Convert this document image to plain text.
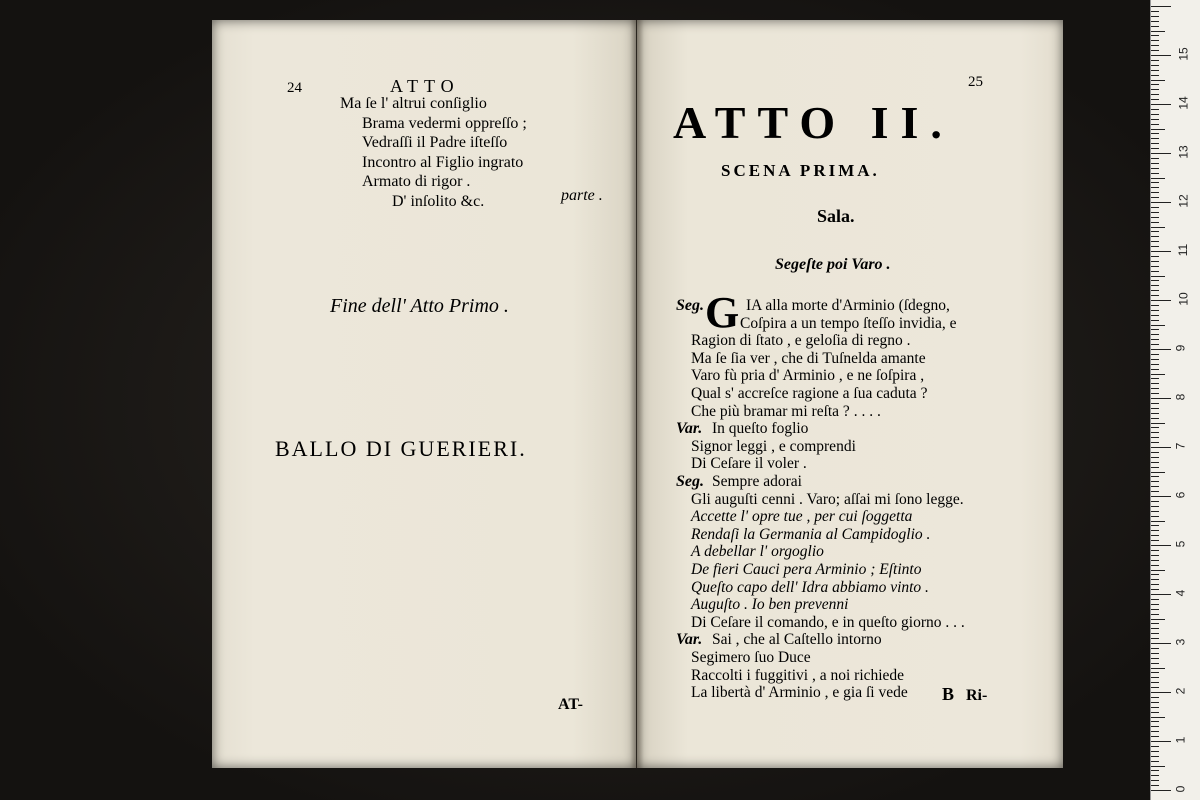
24	ATTO
parte .
Fine dell' Atto Primo .
BALLO DI GUERIERI.
AT-
25
ATTO II.
SCENA PRIMA.
Sala.
Segeſte poi Varo .
G
B Ri-
0
1
2
3
4
5
6
7
8
9
10
11
12
13
14
15
Ma ſe l' altrui conſiglio
Brama vedermi oppreſſo ;
Vedraſſi il Padre iſteſſo
Incontro al Figlio ingrato
Armato di rigor .
D' inſolito &c.
Seg.	IA alla morte d'Arminio (ſdegno,
Coſpira a un tempo ſteſſo invidia, e
Ragion di ſtato , e geloſia di regno .
Ma ſe ſia ver , che di Tuſnelda amante
Varo fù pria d' Arminio , e ne ſoſpira ,
Qual s' accreſce ragione a ſua caduta ?
Che più bramar mi reſta ? . . . .
Var. In queſto foglio
Signor leggi , e comprendi
Di Ceſare il voler .
Seg. Sempre adorai
Gli auguſti cenni . Varo; aſſai mi ſono legge.
Accette l' opre tue , per cui ſoggetta
Rendaſi la Germania al Campidoglio .
A debellar l' orgoglio
De fieri Cauci pera Arminio ; Eſtinto
Queſto capo dell' Idra abbiamo vinto .
Auguſto . Io ben prevenni
Di Ceſare il comando, e in queſto giorno . . .
Var. Sai , che al Caſtello intorno
Segimero ſuo Duce
Raccolti i fuggitivi , a noi richiede
La libertà d' Arminio , e gia ſi vede
